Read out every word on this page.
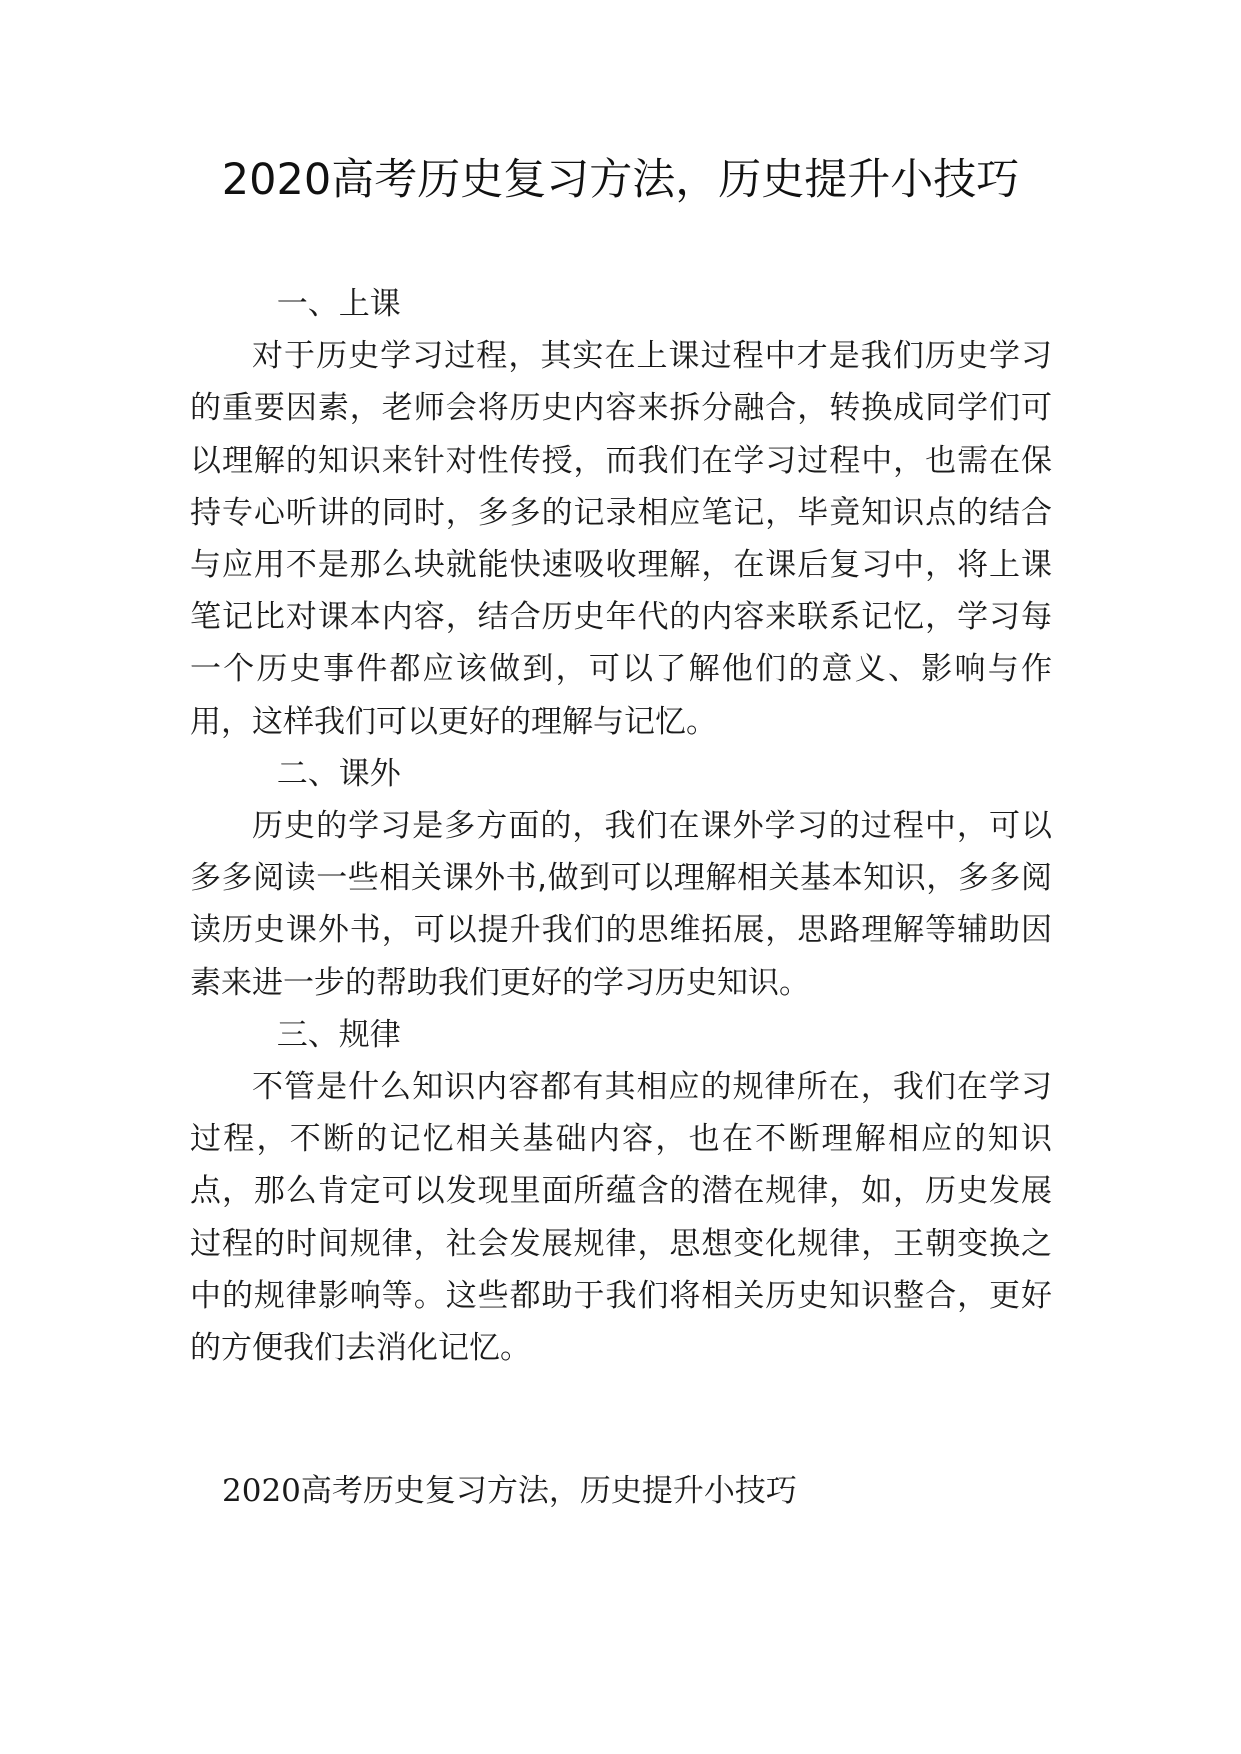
2020高考历史复习方法，历史提升小技巧

一、上课

对于历史学习过程，其实在上课过程中才是我们历史学习的重要因素，老师会将历史内容来拆分融合，转换成同学们可以理解的知识来针对性传授，而我们在学习过程中，也需在保持专心听讲的同时，多多的记录相应笔记，毕竟知识点的结合与应用不是那么块就能快速吸收理解，在课后复习中，将上课笔记比对课本内容，结合历史年代的内容来联系记忆，学习每一个历史事件都应该做到，可以了解他们的意义、影响与作用，这样我们可以更好的理解与记忆。

二、课外

历史的学习是多方面的，我们在课外学习的过程中，可以多多阅读一些相关课外书,做到可以理解相关基本知识，多多阅读历史课外书，可以提升我们的思维拓展，思路理解等辅助因素来进一步的帮助我们更好的学习历史知识。

三、规律

不管是什么知识内容都有其相应的规律所在，我们在学习过程，不断的记忆相关基础内容，也在不断理解相应的知识点，那么肯定可以发现里面所蕴含的潜在规律，如，历史发展过程的时间规律，社会发展规律，思想变化规律，王朝变换之中的规律影响等。这些都助于我们将相关历史知识整合，更好的方便我们去消化记忆。

2020高考历史复习方法，历史提升小技巧
